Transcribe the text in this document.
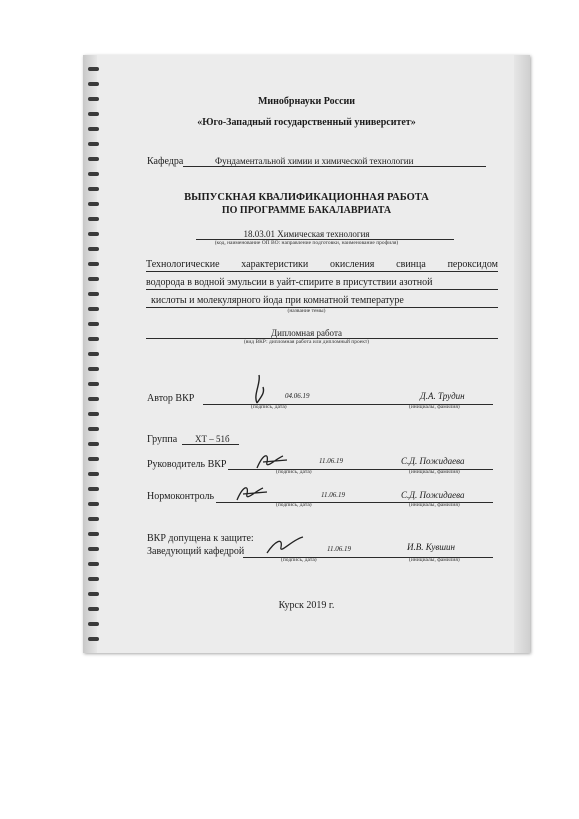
Минобрнауки России
«Юго-Западный государственный университет»
Кафедра	Фундаментальной химии и химической технологии
ВЫПУСКНАЯ КВАЛИФИКАЦИОННАЯ РАБОТА
ПО ПРОГРАММЕ БАКАЛАВРИАТА
18.03.01 Химическая технология
(код, наименование ОП ВО: направление подготовки, наименование профиля)
Технологические характеристики окисления свинца пероксидом
водорода в водной эмульсии в уайт-спирите в присутствии азотной
кислоты и молекулярного йода при комнатной температуре
(название темы)
Дипломная работа
(вид ВКР: дипломная работа или дипломный проект)
Автор ВКР	04.06.19	Д.А. Трудин
(подпись, дата)	(инициалы, фамилия)
Группа ХТ – 51б
Руководитель ВКР	11.06.19	С.Д. Пожидаева
(подпись, дата)	(инициалы, фамилия)
Нормоконтроль	11.06.19	С.Д. Пожидаева
(подпись, дата)	(инициалы, фамилия)
ВКР допущена к защите:
Заведующий кафедрой	11.06.19	И.В. Кувшин
(подпись, дата)	(инициалы, фамилия)
Курск 2019 г.
